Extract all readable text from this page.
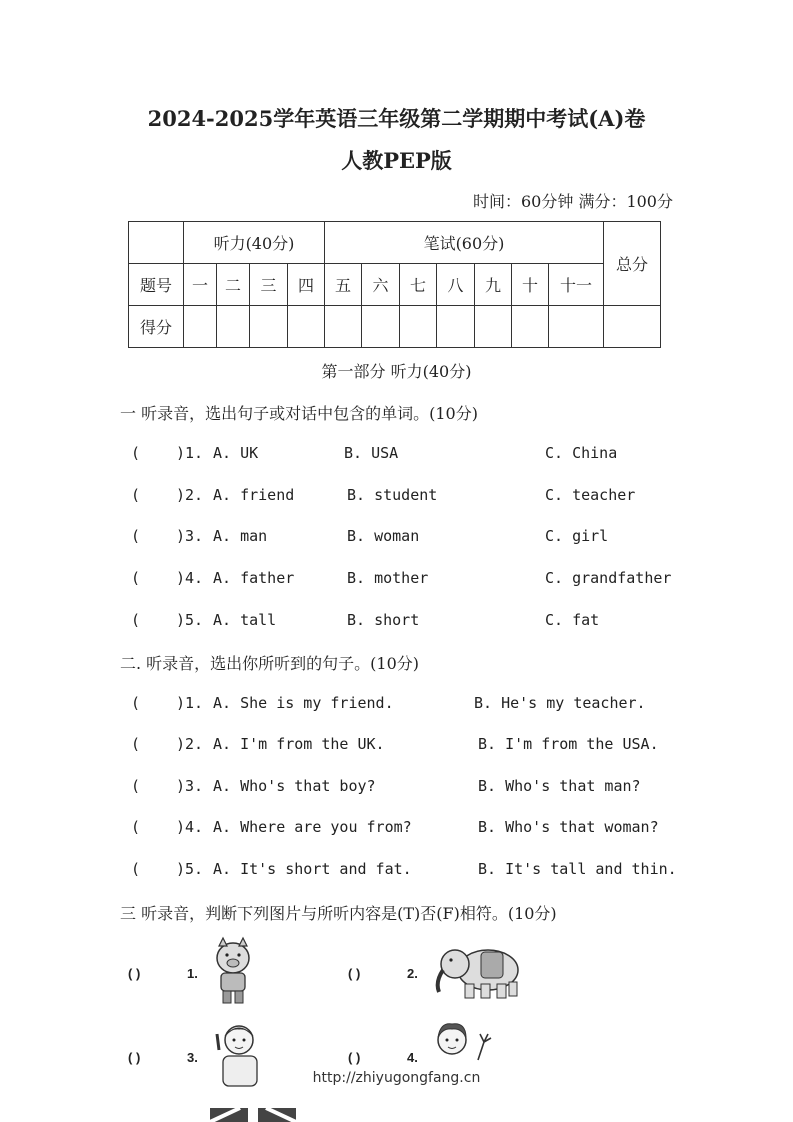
2024-2025学年英语三年级第二学期期中考试(A)卷
人教PEP版
时间：60分钟 满分：100分
	听力(40分)				笔试(60分)							总分
题号	一	二	三	四	五	六	七	八	九	十	十一	
得分												
第一部分 听力(40分)
一 听录音，选出句子或对话中包含的单词。(10分)
( )1. A. UK	B. USA	C. China
( )2. A. friend	B. student	C. teacher
( )3. A. man	B. woman	C. girl
( )4. A. father	B. mother	C. grandfather
( )5. A. tall	B. short	C. fat
二. 听录音，选出你所听到的句子。(10分)
( )1. A. She is my friend.	B. He's my teacher.
( )2. A. I'm from the UK.	B. I'm from the USA.
( )3. A. Who's that boy?	B. Who's that man?
( )4. A. Where are you from?	B. Who's that woman?
( )5. A. It's short and fat.	B. It's tall and thin.
三 听录音，判断下列图片与所听内容是(T)否(F)相符。(10分)
( )	1.	( )	2.
( )	3.	( )	4.
http://zhiyugongfang.cn
